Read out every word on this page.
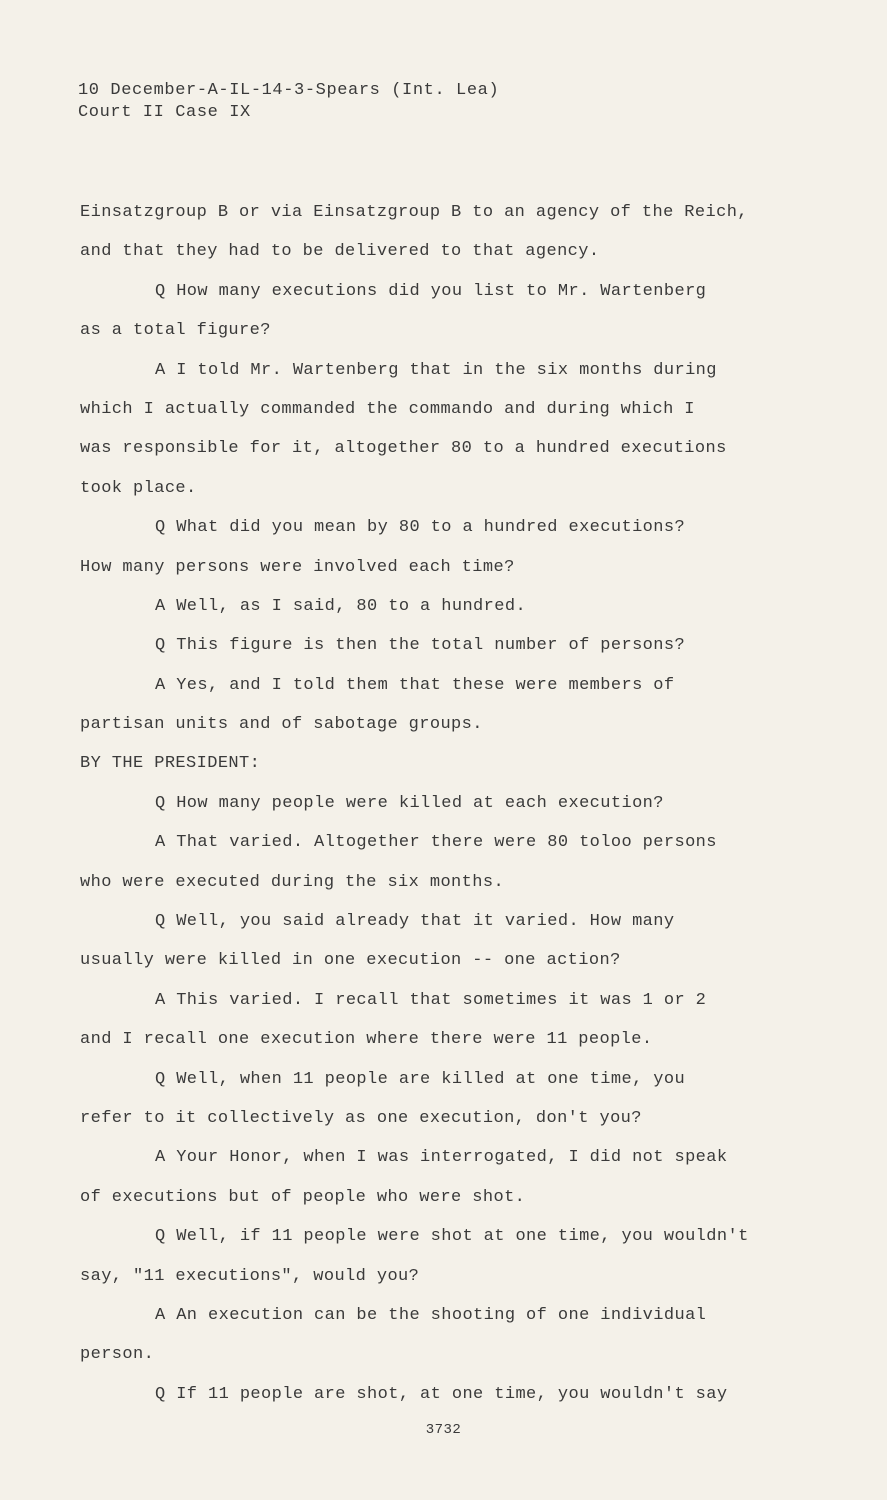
10 December-A-IL-14-3-Spears (Int. Lea)
Court II Case IX
Einsatzgroup B or via Einsatzgroup B to an agency of the Reich,
and that they had to be delivered to that agency.
Q How many executions did you list to Mr. Wartenberg
as a total figure?
A I told Mr. Wartenberg that in the six months during
which I actually commanded the commando and during which I
was responsible for it, altogether 80 to a hundred executions
took place.
Q What did you mean by 80 to a hundred executions?
How many persons were involved each time?
A Well, as I said, 80 to a hundred.
Q This figure is then the total number of persons?
A Yes, and I told them that these were members of
partisan units and of sabotage groups.
BY THE PRESIDENT:
Q How many people were killed at each execution?
A That varied. Altogether there were 80 toloo persons
who were executed during the six months.
Q Well, you said already that it varied. How many
usually were killed in one execution -- one action?
A This varied. I recall that sometimes it was 1 or 2
and I recall one execution where there were 11 people.
Q Well, when 11 people are killed at one time, you
refer to it collectively as one execution, don't you?
A Your Honor, when I was interrogated, I did not speak
of executions but of people who were shot.
Q Well, if 11 people were shot at one time, you wouldn't
say, "11 executions", would you?
A An execution can be the shooting of one individual
person.
Q If 11 people are shot, at one time, you wouldn't say
3732
